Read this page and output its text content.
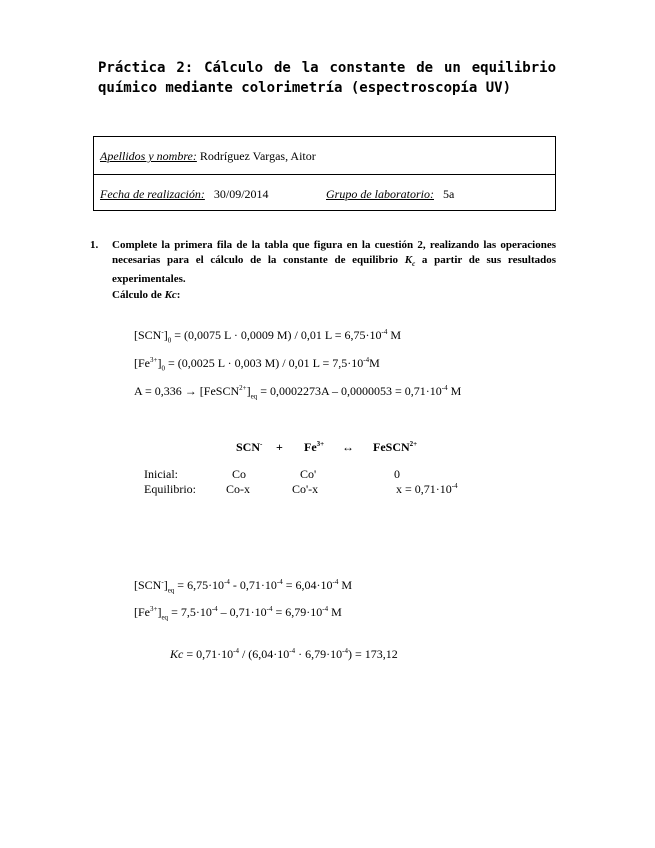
Práctica 2: Cálculo de la constante de un equilibrio químico mediante colorimetría (espectroscopía UV)
Apellidos y nombre: Rodríguez Vargas, Aitor
Fecha de realización: 30/09/2014	Grupo de laboratorio: 5a
1. Complete la primera fila de la tabla que figura en la cuestión 2, realizando las operaciones necesarias para el cálculo de la constante de equilibrio $K_c$ a partir de sus resultados experimentales.
Cálculo de Kc:
$[SCN^-]_0 = (0,0075$ L · 0,0009 M) / 0,01 $L = 6,75\cdot 10^{-4}$ M
$[Fe^{3+}]_0 = (0,0025$ L · 0,003 M) / 0,01 $L = 7,5\cdot 10^{-4}M$
$A = 0,336 \to [FeSCN^{2+}]_{eq} = 0,0002273A - 0,0000053 = 0,71\cdot 10^{-4}$ M
$SCN^- + Fe^{3+}$ ↔ FeSCN$^{2+}$
Inicial:	Co	Co'	0
Equilibrio:	Co-x	Co'-x	$x = 0,71\cdot 10^{-4}$
$[SCN^-]_{eq} = 6,75\cdot 10^{-4} - 0,71\cdot 10^{-4} = 6,04\cdot 10^{-4}$ M
$[Fe^{3+}]_{eq} = 7,5\cdot 10^{-4} - 0,71\cdot 10^{-4} = 6,79\cdot 10^{-4}$ M
$Kc = 0,71\cdot 10^{-4} / (6,04\cdot 10^{-4} \cdot 6,79\cdot 10^{-4}) = 173,12$
